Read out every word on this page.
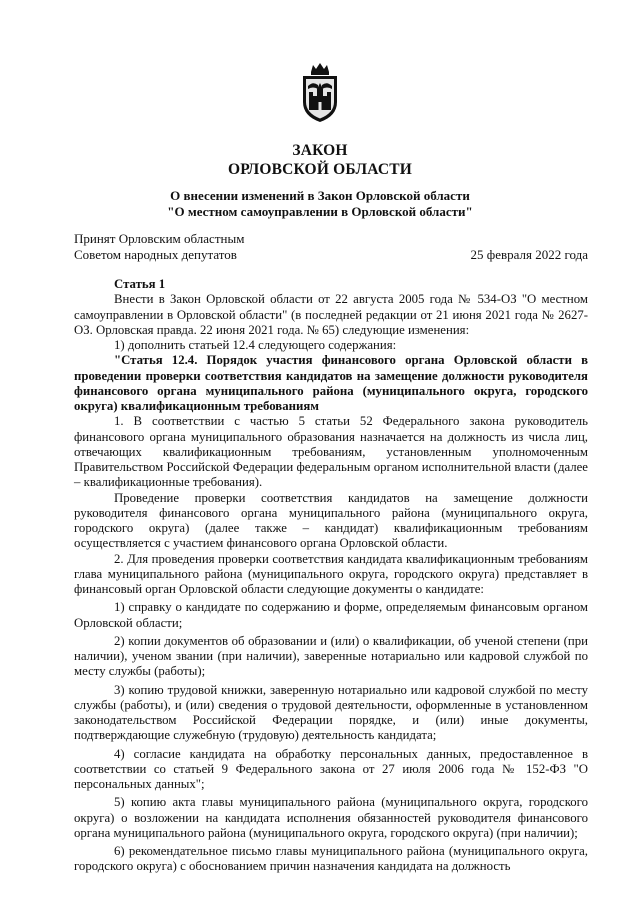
ЗАКОН
ОРЛОВСКОЙ ОБЛАСТИ
О внесении изменений в Закон Орловской области
"О местном самоуправлении в Орловской области"
Принят Орловским областным
Советом народных депутатов	25 февраля 2022 года

Статья 1

Внести в Закон Орловской области от 22 августа 2005 года № 534-ОЗ "О местном самоуправлении в Орловской области" (в последней редакции от 21 июня 2021 года № 2627-ОЗ. Орловская правда. 22 июня 2021 года. № 65) следующие изменения:

1) дополнить статьей 12.4 следующего содержания:

"Статья 12.4. Порядок участия финансового органа Орловской области в проведении проверки соответствия кандидатов на замещение должности руководителя финансового органа муниципального района (муниципального округа, городского округа) квалификационным требованиям

1. В соответствии с частью 5 статьи 52 Федерального закона руководитель финансового органа муниципального образования назначается на должность из числа лиц, отвечающих квалификационным требованиям, установленным уполномоченным Правительством Российской Федерации федеральным органом исполнительной власти (далее – квалификационные требования).

Проведение проверки соответствия кандидатов на замещение должности руководителя финансового органа муниципального района (муниципального округа, городского округа) (далее также – кандидат) квалификационным требованиям осуществляется с участием финансового органа Орловской области.

2. Для проведения проверки соответствия кандидата квалификационным требованиям глава муниципального района (муниципального округа, городского округа) представляет в финансовый орган Орловской области следующие документы о кандидате:

1) справку о кандидате по содержанию и форме, определяемым финансовым органом Орловской области;

2) копии документов об образовании и (или) о квалификации, об ученой степени (при наличии), ученом звании (при наличии), заверенные нотариально или кадровой службой по месту службы (работы);

3) копию трудовой книжки, заверенную нотариально или кадровой службой по месту службы (работы), и (или) сведения о трудовой деятельности, оформленные в установленном законодательством Российской Федерации порядке, и (или) иные документы, подтверждающие служебную (трудовую) деятельность кандидата;

4) согласие кандидата на обработку персональных данных, предоставленное в соответствии со статьей 9 Федерального закона от 27 июля 2006 года № 152-ФЗ "О персональных данных";

5) копию акта главы муниципального района (муниципального округа, городского округа) о возложении на кандидата исполнения обязанностей руководителя финансового органа муниципального района (муниципального округа, городского округа) (при наличии);

6) рекомендательное письмо главы муниципального района (муниципального округа, городского округа) с обоснованием причин назначения кандидата на должность
